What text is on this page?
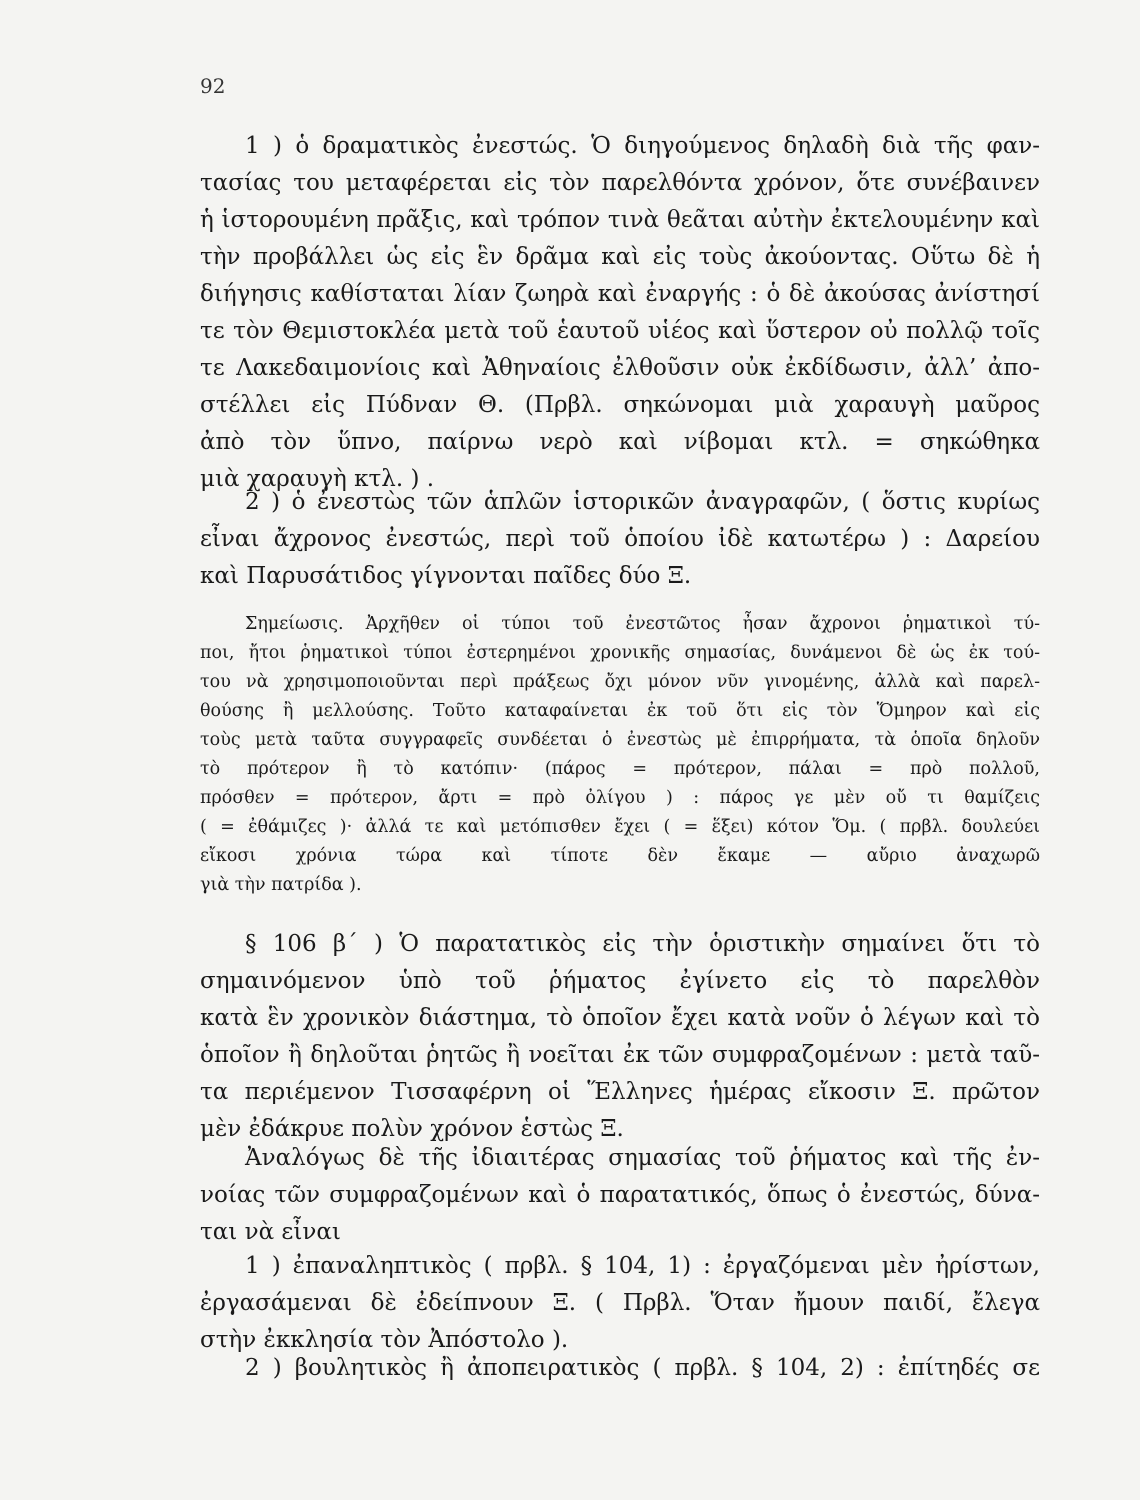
92
1 ) ὁ δραματικὸς ἐνεστώς. Ὁ διηγούμενος δηλαδὴ διὰ τῆς φαν-
τασίας του μεταφέρεται εἰς τὸν παρελθόντα χρόνον, ὅτε συνέβαινεν
ἡ ἱστορουμένη πρᾶξις, καὶ τρόπον τινὰ θεᾶται αὐτὴν ἐκτελουμένην καὶ
τὴν προβάλλει ὡς εἰς ἓν δρᾶμα καὶ εἰς τοὺς ἀκούοντας. Οὕτω δὲ ἡ
διήγησις καθίσταται λίαν ζωηρὰ καὶ ἐναργής : ὁ δὲ ἀκούσας ἀνίστησί
τε τὸν Θεμιστοκλέα μετὰ τοῦ ἑαυτοῦ υἱέος καὶ ὕστερον οὐ πολλῷ τοῖς
τε Λακεδαιμονίοις καὶ Ἀθηναίοις ἐλθοῦσιν οὐκ ἐκδίδωσιν, ἀλλ’ ἀπο-
στέλλει εἰς Πύδναν Θ. (Πρβλ. σηκώνομαι μιὰ χαραυγὴ μαῦρος
ἀπὸ τὸν ὕπνο, παίρνω νερὸ καὶ νίβομαι κτλ. = σηκώθηκα
μιὰ χαραυγὴ κτλ. ) .
2 ) ὁ ἐνεστὼς τῶν ἁπλῶν ἱστορικῶν ἀναγραφῶν, ( ὅστις κυρίως
εἶναι ἄχρονος ἐνεστώς, περὶ τοῦ ὁποίου ἰδὲ κατωτέρω ) : Δαρείου
καὶ Παρυσάτιδος γίγνονται παῖδες δύο Ξ.
Σημείωσις. Ἀρχῆθεν οἱ τύποι τοῦ ἐνεστῶτος ἦσαν ἄχρονοι ῥηματικοὶ τύ-
ποι, ἤτοι ῥηματικοὶ τύποι ἐστερημένοι χρονικῆς σημασίας, δυνάμενοι δὲ ὡς ἐκ τού-
του νὰ χρησιμοποιοῦνται περὶ πράξεως ὄχι μόνον νῦν γινομένης, ἀλλὰ καὶ παρελ-
θούσης ἢ μελλούσης. Τοῦτο καταφαίνεται ἐκ τοῦ ὅτι εἰς τὸν Ὅμηρον καὶ εἰς
τοὺς μετὰ ταῦτα συγγραφεῖς συνδέεται ὁ ἐνεστὼς μὲ ἐπιρρήματα, τὰ ὁποῖα δηλοῦν
τὸ πρότερον ἢ τὸ κατόπιν· (πάρος = πρότερον, πάλαι = πρὸ πολλοῦ,
πρόσθεν = πρότερον, ἄρτι = πρὸ ὀλίγου ) : πάρος γε μὲν οὔ τι θαμίζεις
( = ἐθάμιζες )· ἀλλά τε καὶ μετόπισθεν ἔχει ( = ἕξει) κότον Ὅμ. ( πρβλ. δουλεύει
εἴκοσι χρόνια τώρα καὶ τίποτε δὲν ἔκαμε — αὔριο ἀναχωρῶ
γιὰ τὴν πατρίδα ).
§ 106 β΄ ) Ὁ παρατατικὸς εἰς τὴν ὁριστικὴν σημαίνει ὅτι τὸ
σημαινόμενον ὑπὸ τοῦ ῥήματος ἐγίνετο εἰς τὸ παρελθὸν
κατὰ ἓν χρονικὸν διάστημα, τὸ ὁποῖον ἔχει κατὰ νοῦν ὁ λέγων καὶ τὸ
ὁποῖον ἢ δηλοῦται ῥητῶς ἢ νοεῖται ἐκ τῶν συμφραζομένων : μετὰ ταῦ-
τα περιέμενον Τισσαφέρνη οἱ Ἕλληνες ἡμέρας εἴκοσιν Ξ. πρῶτον
μὲν ἐδάκρυε πολὺν χρόνον ἑστὼς Ξ.
Ἀναλόγως δὲ τῆς ἰδιαιτέρας σημασίας τοῦ ῥήματος καὶ τῆς ἐν-
νοίας τῶν συμφραζομένων καὶ ὁ παρατατικός, ὅπως ὁ ἐνεστώς, δύνα-
ται νὰ εἶναι
1 ) ἐπαναληπτικὸς ( πρβλ. § 104, 1) : ἐργαζόμεναι μὲν ἠρίστων,
ἐργασάμεναι δὲ ἐδείπνουν Ξ. ( Πρβλ. Ὅταν ἤμουν παιδί, ἔλεγα
στὴν ἐκκλησία τὸν Ἀπόστολο ).
2 ) βουλητικὸς ἢ ἀποπειρατικὸς ( πρβλ. § 104, 2) : ἐπίτηδές σε
